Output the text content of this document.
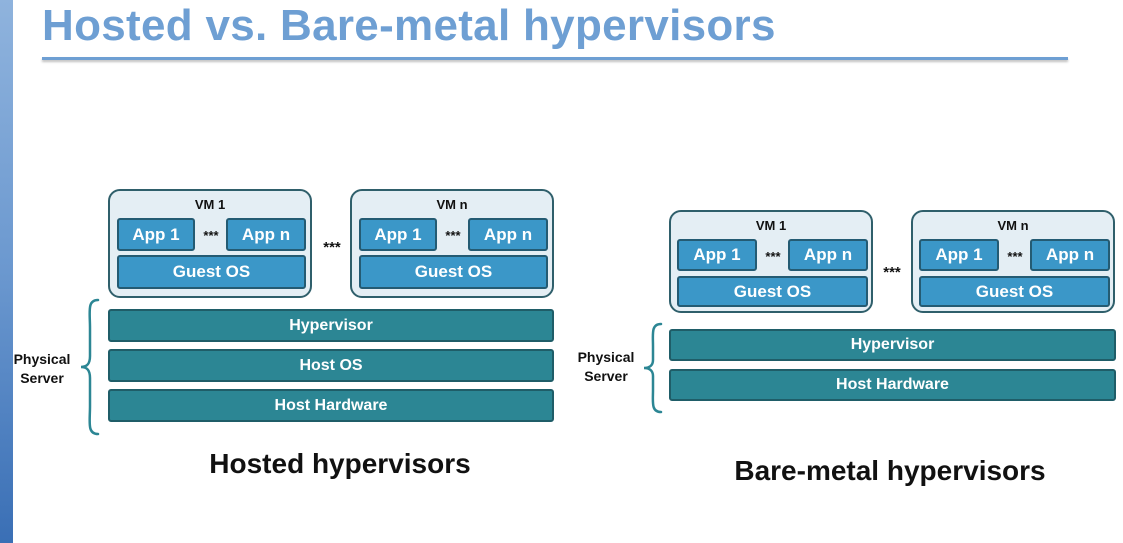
Hosted vs. Bare-metal hypervisors
VM 1
App 1	***	App n
Guest OS
***
VM n
App 1	***	App n
Guest OS
Hypervisor
Host OS
Host Hardware
Physical
Server
Hosted hypervisors
VM 1
App 1	***	App n
Guest OS
***
VM n
App 1	***	App n
Guest OS
Hypervisor
Host Hardware
Physical
Server
Bare-metal hypervisors
